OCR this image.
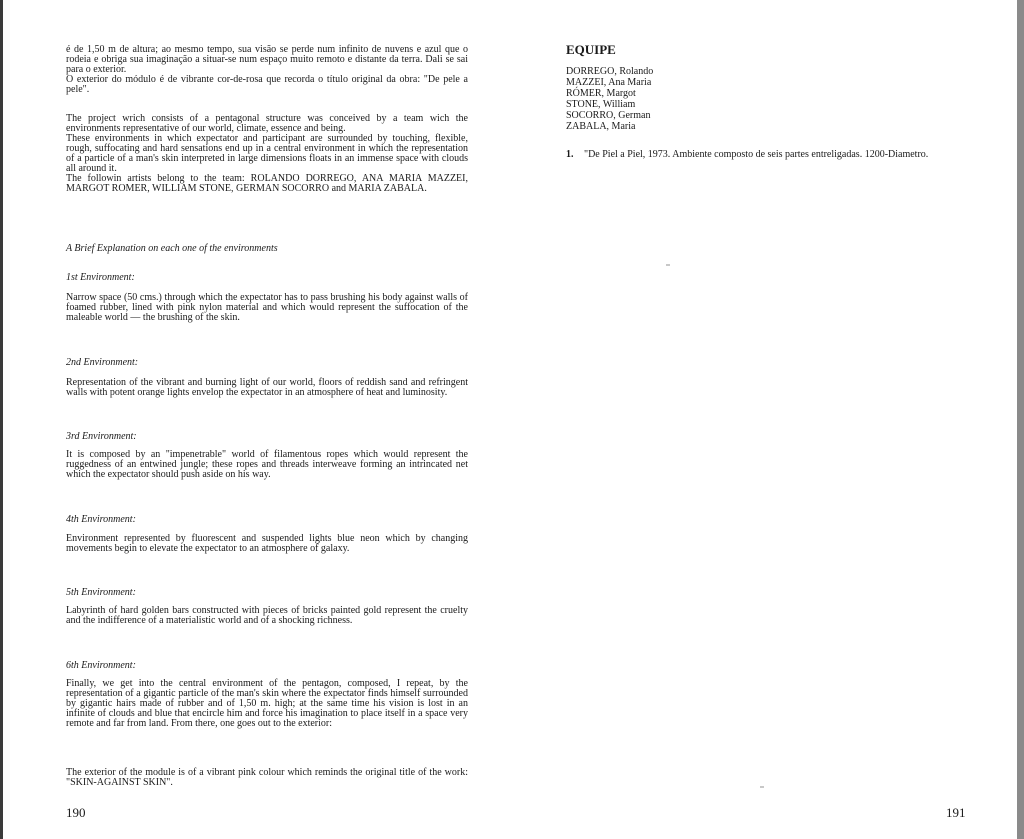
é de 1,50 m de altura; ao mesmo tempo, sua visão se perde num infinito de nuvens e azul que o rodeia e obriga sua imaginação a situar-se num espaço muito remoto e distante da terra. Dali se sai para o exterior.

O exterior do módulo é de vibrante cor-de-rosa que recorda o título original da obra: "De pele a pele".

The project wrich consists of a pentagonal structure was conceived by a team wich the environments representative of our world, climate, essence and being.

These environments in which expectator and participant are surrounded by touching, flexible, rough, suffocating and hard sensations end up in a central environment in which the representation of a particle of a man's skin interpreted in large dimensions floats in an immense space with clouds all around it.

The followin artists belong to the team: ROLANDO DORREGO, ANA MARIA MAZZEI, MARGOT ROMER, WILLIAM STONE, GERMAN SOCORRO and MARIA ZABALA.

A Brief Explanation on each one of the environments
1st Environment:
Narrow space (50 cms.) through which the expectator has to pass brushing his body against walls of foamed rubber, lined with pink nylon material and which would represent the suffocation of the maleable world — the brushing of the skin.
2nd Environment:
Representation of the vibrant and burning light of our world, floors of reddish sand and refringent walls with potent orange lights envelop the expectator in an atmosphere of heat and luminosity.
3rd Environment:
It is composed by an "impenetrable" world of filamentous ropes which would represent the ruggedness of an entwined jungle; these ropes and threads interweave forming an intrincated net which the expectator should push aside on his way.
4th Environment:
Environment represented by fluorescent and suspended lights blue neon which by changing movements begin to elevate the expectator to an atmosphere of galaxy.
5th Environment:
Labyrinth of hard golden bars constructed with pieces of bricks painted gold represent the cruelty and the indifference of a materialistic world and of a shocking richness.
6th Environment:
Finally, we get into the central environment of the pentagon, composed, I repeat, by the representation of a gigantic particle of the man's skin where the expectator finds himself surrounded by gigantic hairs made of rubber and of 1,50 m. high; at the same time his vision is lost in an infinite of clouds and blue that encircle him and force his imagination to place itself in a space very remote and far from land. From there, one goes out to the exterior:
The exterior of the module is of a vibrant pink colour which reminds the original title of the work: "SKIN-AGAINST SKIN".
190
EQUIPE
DORREGO, Rolando
MAZZEI, Ana Maria
RÓMER, Margot
STONE, William
SOCORRO, German
ZABALA, Maria
1. "De Piel a Piel, 1973. Ambiente composto de seis partes entreligadas. 1200-Diametro.
191
